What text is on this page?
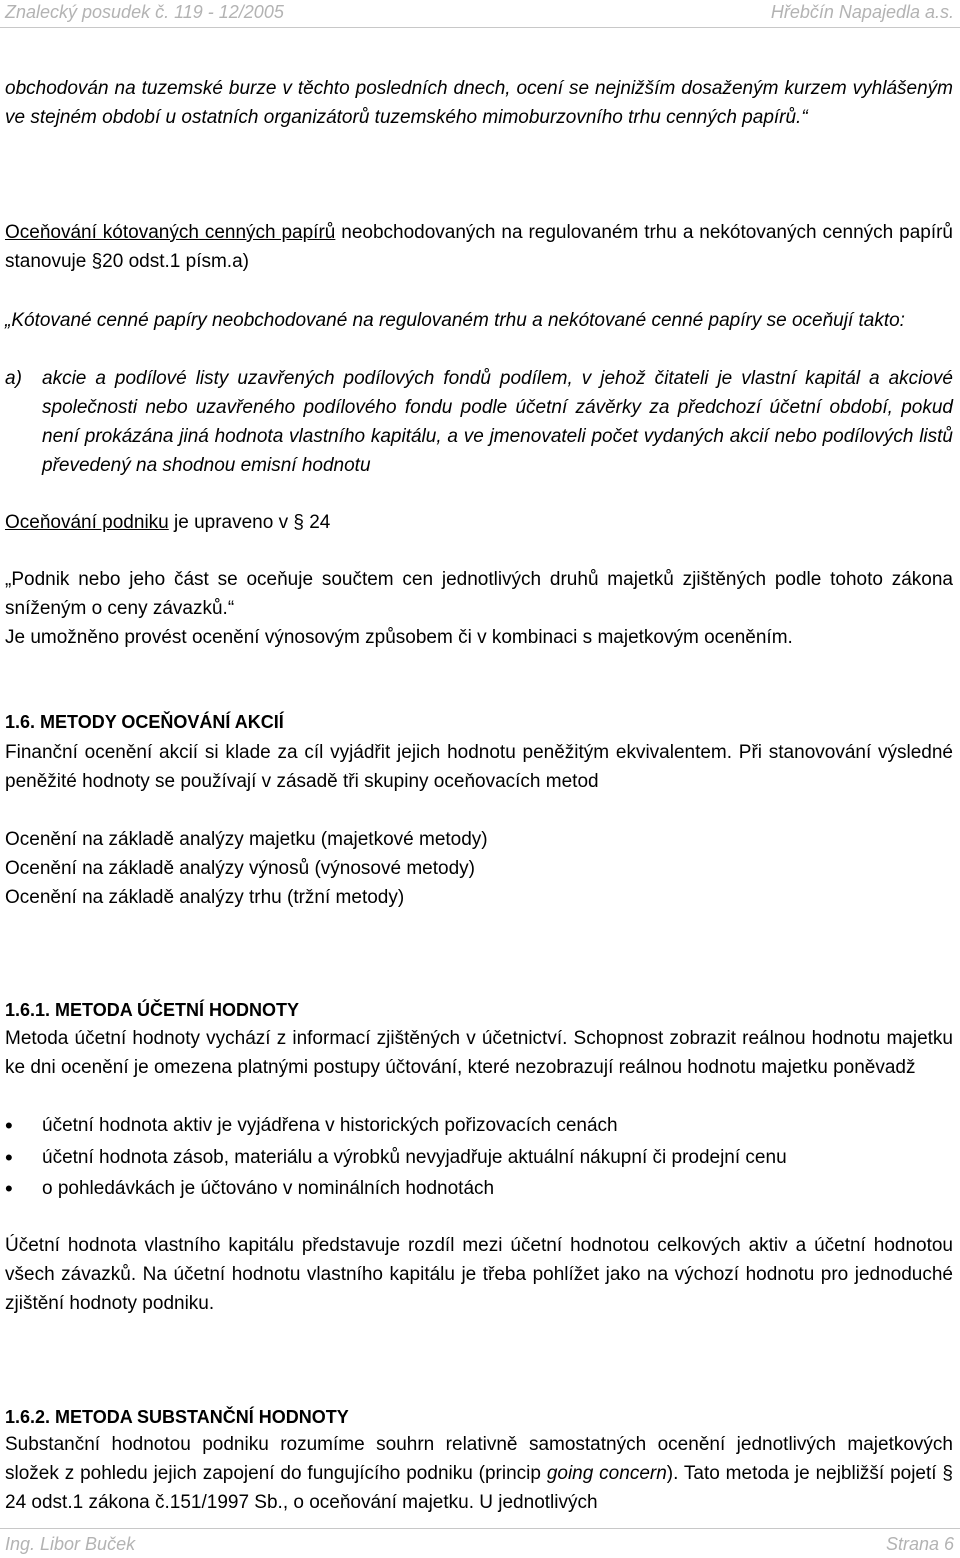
Znalecký posudek č. 119 - 12/2005	Hřebčín Napajedla a.s.
obchodován na tuzemské burze v těchto posledních dnech, ocení se nejnižším dosaženým kurzem vyhlášeným ve stejném období u ostatních organizátorů tuzemského mimoburzovního trhu cenných papírů.“
Oceňování kótovaných cenných papírů neobchodovaných na regulovaném trhu a nekótovaných cenných papírů stanovuje §20 odst.1 písm.a)
„Kótované cenné papíry neobchodované na regulovaném trhu a nekótované cenné papíry se oceňují takto:
a) akcie a podílové listy uzavřených podílových fondů podílem, v jehož čitateli je vlastní kapitál a akciové společnosti nebo uzavřeného podílového fondu podle účetní závěrky za předchozí účetní období, pokud není prokázána jiná hodnota vlastního kapitálu, a ve jmenovateli počet vydaných akcií nebo podílových listů převedený na shodnou emisní hodnotu
Oceňování podniku je upraveno v § 24
„Podnik nebo jeho část se oceňuje součtem cen jednotlivých druhů majetků zjištěných podle tohoto zákona sníženým o ceny závazků.“
Je umožněno provést ocenění výnosovým způsobem či v kombinaci s majetkovým oceněním.
1.6. METODY OCEŇOVÁNÍ AKCIÍ
Finanční ocenění akcií si klade za cíl vyjádřit jejich hodnotu peněžitým ekvivalentem. Při stanovování výsledné peněžité hodnoty se používají v zásadě tři skupiny oceňovacích metod
Ocenění na základě analýzy majetku (majetkové metody)
Ocenění na základě analýzy výnosů (výnosové metody)
Ocenění na základě analýzy trhu (tržní metody)
1.6.1. METODA ÚČETNÍ HODNOTY
Metoda účetní hodnoty vychází z informací zjištěných v účetnictví. Schopnost zobrazit reálnou hodnotu majetku ke dni ocenění je omezena platnými postupy účtování, které nezobrazují reálnou hodnotu majetku poněvadž
• účetní hodnota aktiv je vyjádřena v historických pořizovacích cenách
• účetní hodnota zásob, materiálu a výrobků nevyjadřuje aktuální nákupní či prodejní cenu
• o pohledávkách je účtováno v nominálních hodnotách
Účetní hodnota vlastního kapitálu představuje rozdíl mezi účetní hodnotou celkových aktiv a účetní hodnotou všech závazků. Na účetní hodnotu vlastního kapitálu je třeba pohlížet jako na výchozí hodnotu pro jednoduché zjištění hodnoty podniku.
1.6.2. METODA SUBSTANČNÍ HODNOTY
Substanční hodnotou podniku rozumíme souhrn relativně samostatných ocenění jednotlivých majetkových složek z pohledu jejich zapojení do fungujícího podniku (princip going concern). Tato metoda je nejbližší pojetí § 24 odst.1 zákona č.151/1997 Sb., o oceňování majetku. U jednotlivých
Ing. Libor Buček	Strana 6
